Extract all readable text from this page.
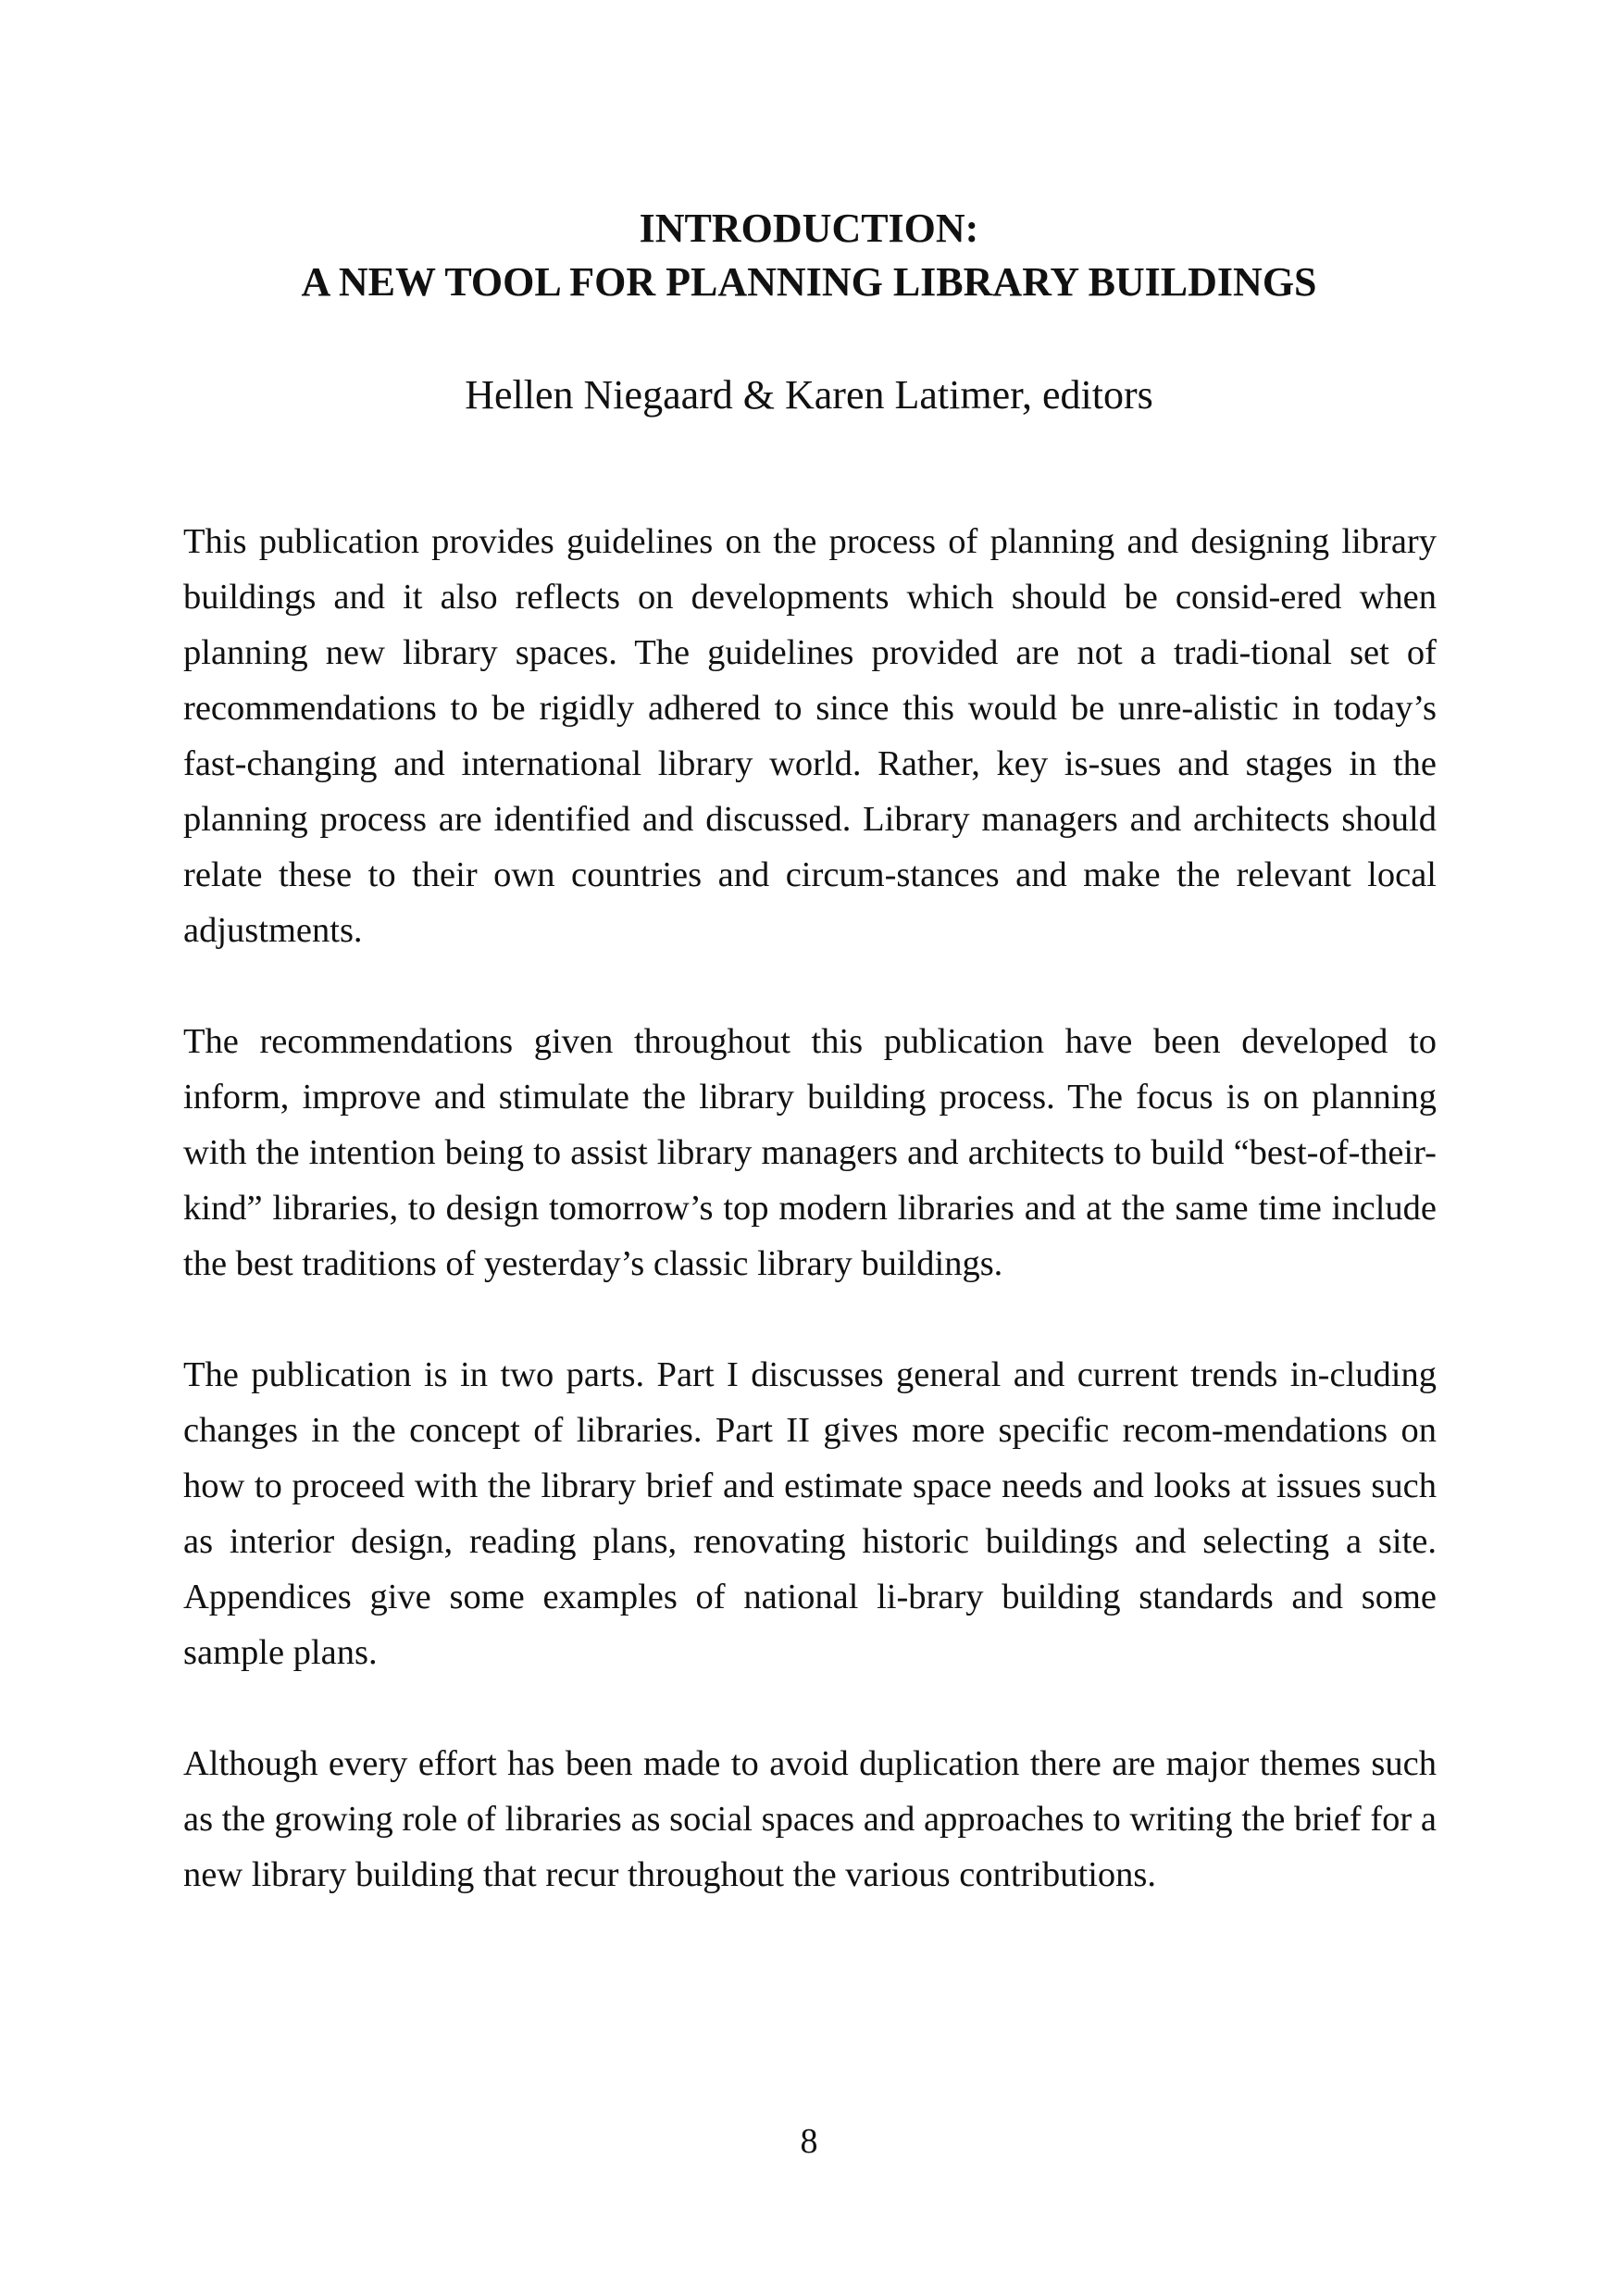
INTRODUCTION:
A NEW TOOL FOR PLANNING LIBRARY BUILDINGS

Hellen Niegaard & Karen Latimer, editors

This publication provides guidelines on the process of planning and designing library buildings and it also reflects on developments which should be consid-ered when planning new library spaces. The guidelines provided are not a tradi-tional set of recommendations to be rigidly adhered to since this would be unre-alistic in today’s fast-changing and international library world. Rather, key is-sues and stages in the planning process are identified and discussed. Library managers and architects should relate these to their own countries and circum-stances and make the relevant local adjustments.

The recommendations given throughout this publication have been developed to inform, improve and stimulate the library building process. The focus is on planning with the intention being to assist library managers and architects to build “best-of-their-kind” libraries, to design tomorrow’s top modern libraries and at the same time include the best traditions of yesterday’s classic library buildings.

The publication is in two parts. Part I discusses general and current trends in-cluding changes in the concept of libraries. Part II gives more specific recom-mendations on how to proceed with the library brief and estimate space needs and looks at issues such as interior design, reading plans, renovating historic buildings and selecting a site. Appendices give some examples of national li-brary building standards and some sample plans.

Although every effort has been made to avoid duplication there are major themes such as the growing role of libraries as social spaces and approaches to writing the brief for a new library building that recur throughout the various contributions.

8
